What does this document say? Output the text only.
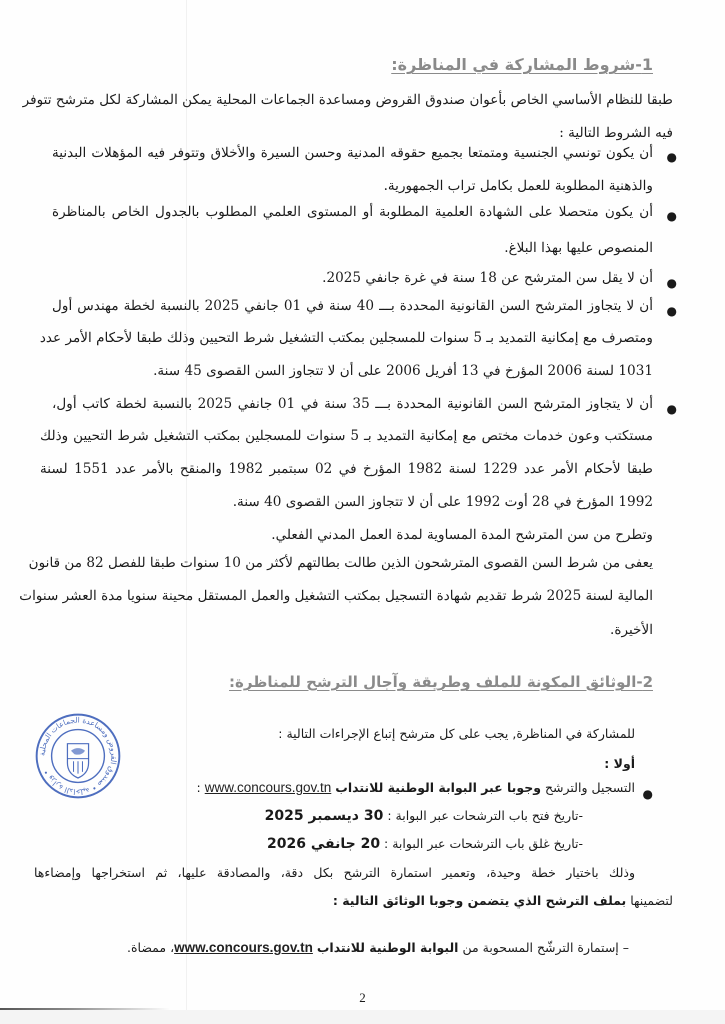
1-شروط المشاركة في المناظرة:
طبقا للنظام الأساسي الخاص بأعوان صندوق القروض ومساعدة الجماعات المحلية يمكن المشاركة لكل مترشح تتوفر
فيه الشروط التالية :
●
أن يكون تونسي الجنسية ومتمتعا بجميع حقوقه المدنية وحسن السيرة والأخلاق وتتوفر فيه المؤهلات البدنية
والذهنية المطلوبة للعمل بكامل تراب الجمهورية.
●
أن يكون متحصلا على الشهادة العلمية المطلوبة أو المستوى العلمي المطلوب بالجدول الخاص بالمناظرة
المنصوص عليها بهذا البلاغ.
●
أن لا يقل سن المترشح عن 18 سنة في غرة جانفي 2025.
●
أن لا يتجاوز المترشح السن القانونية المحددة بـــ 40 سنة في 01 جانفي 2025 بالنسبة لخطة مهندس أول
ومتصرف مع إمكانية التمديد بـ 5 سنوات للمسجلين بمكتب التشغيل شرط التحيين وذلك طبقا لأحكام الأمر عدد
1031 لسنة 2006 المؤرخ في 13 أفريل 2006 على أن لا تتجاوز السن القصوى 45 سنة.
●
أن لا يتجاوز المترشح السن القانونية المحددة بـــ 35 سنة في 01 جانفي 2025 بالنسبة لخطة كاتب أول،
مستكتب وعون خدمات مختص مع إمكانية التمديد بـ 5 سنوات للمسجلين بمكتب التشغيل شرط التحيين وذلك
طبقا لأحكام الأمر عدد 1229 لسنة 1982 المؤرخ في 02 سبتمبر 1982 والمنقح بالأمر عدد 1551 لسنة
1992 المؤرخ في 28 أوت 1992 على أن لا تتجاوز السن القصوى 40 سنة.
وتطرح من سن المترشح المدة المساوية لمدة العمل المدني الفعلي.
يعفى من شرط السن القصوى المترشحون الذين طالت بطالتهم لأكثر من 10 سنوات طبقا للفصل 82 من قانون
المالية لسنة 2025 شرط تقديم شهادة التسجيل بمكتب التشغيل والعمل المستقل محينة سنويا مدة العشر سنوات
الأخيرة.
2-الوثائق المكونة للملف وطريقة وآجال الترشح للمناظرة:
وزارة الداخلية • صندوق القروض ومساعدة الجماعات المحلية •
للمشاركة في المناظرة, يجب على كل مترشح إتباع الإجراءات التالية :
أولا :
●
التسجيل والترشح وجوبا عبر البوابة الوطنية للانتداب www.concours.gov.tn :
-تاريخ فتح باب الترشحات عبر البوابة : 30 ديسمبر 2025
-تاريخ غلق باب الترشحات عبر البوابة : 20 جانفي 2026
وذلك باختيار خطة وحيدة، وتعمير استمارة الترشح بكل دقة، والمصادقة عليها، ثم استخراجها وإمضاءها
لتضمينها بملف الترشح الذي يتضمن وجوبا الوثائق التالية :
– إستمارة الترشّح المسحوبة من البوابة الوطنية للانتداب www.concours.gov.tn، ممضاة.
2
